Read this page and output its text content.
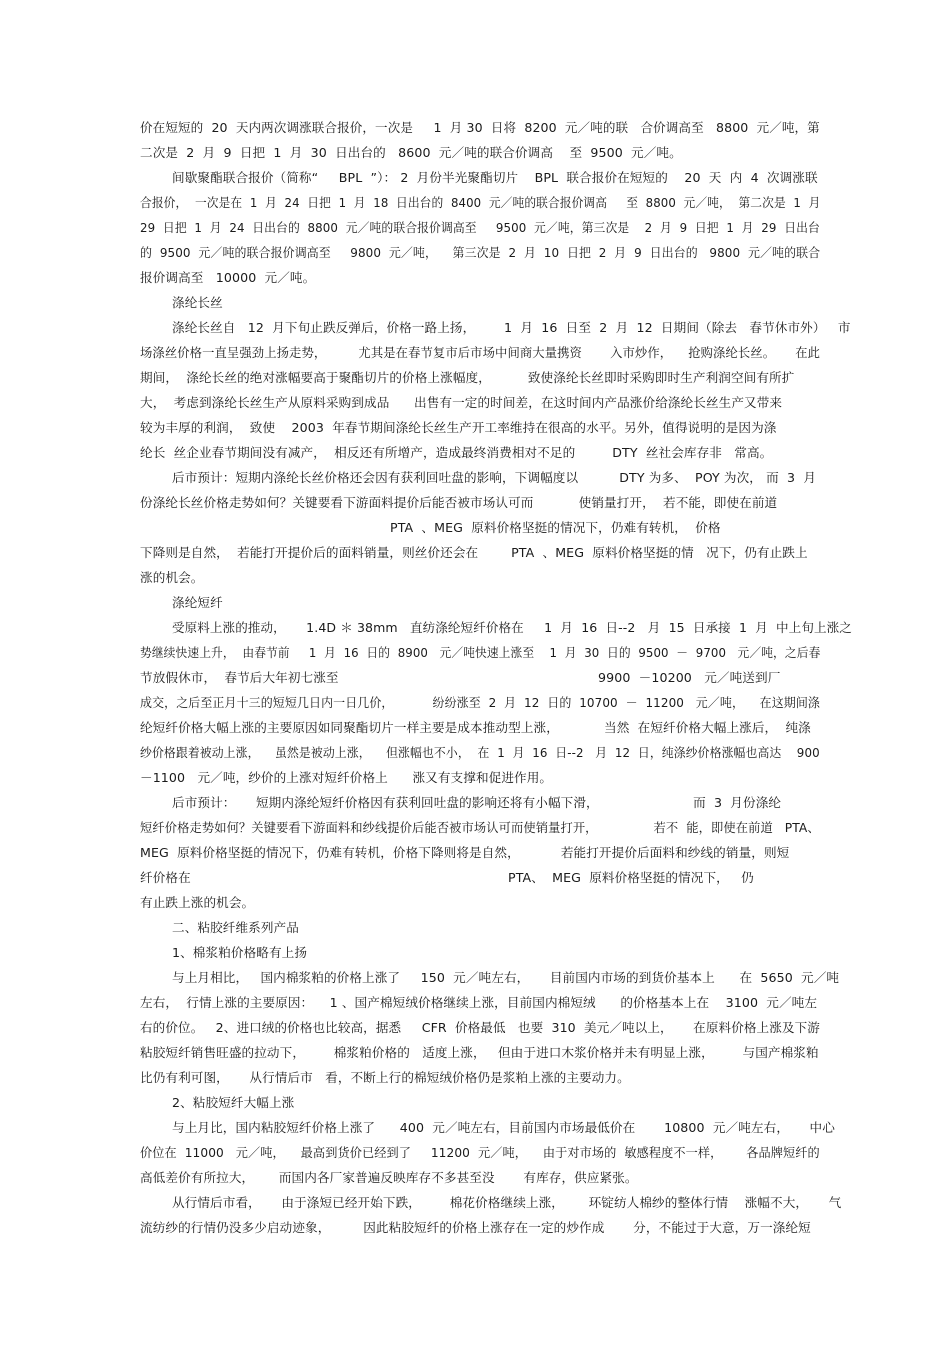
价在短短的  20  天内两次调涨联合报价，一次是     1  月 30  日将  8200  元／吨的联   合价调高至   8800  元／吨，第
二次是  2  月  9  日把  1  月  30  日出台的   8600  元／吨的联合价调高    至  9500  元／吨。
间歇聚酯联合报价（简称“     BPL  ”）： 2  月份半光聚酯切片    BPL  联合报价在短短的    20  天  内  4  次调涨联
合报价，  一次是在  1  月  24  日把  1  月  18  日出台的  8400  元／吨的联合报价调高     至  8800  元／吨，  第二次是  1  月
29  日把  1  月  24  日出台的  8800  元／吨的联合报价调高至     9500  元／吨，第三次是    2  月  9  日把  1  月  29  日出台
的  9500  元／吨的联合报价调高至     9800  元／吨，    第三次是  2  月  10  日把  2  月  9  日出台的   9800  元／吨的联合
报价调高至   10000  元／吨。
涤纶长丝
涤纶长丝自   12  月下旬止跌反弹后，价格一路上扬，       1  月  16  日至  2  月  12  日期间（除去   春节休市外）   市
场涤丝价格一直呈强劲上扬走势，        尤其是在春节复市后市场中间商大量携资       入市炒作，    抢购涤纶长丝。     在此
期间，  涤纶长丝的绝对涨幅要高于聚酯切片的价格上涨幅度，         致使涤纶长丝即时采购即时生产利润空间有所扩
大，  考虑到涤纶长丝生产从原料采购到成品      出售有一定的时间差，在这时间内产品涨价给涤纶长丝生产又带来
较为丰厚的利润，  致使    2003  年春节期间涤纶长丝生产开工率维持在很高的水平。另外，值得说明的是因为涤
纶长  丝企业春节期间没有减产，  相反还有所增产，造成最终消费相对不足的         DTY  丝社会库存非   常高。
后市预计：短期内涤纶长丝价格还会因有获利回吐盘的影响，下调幅度以          DTY 为多、  POY 为次， 而  3  月
份涤纶长丝价格走势如何？关键要看下游面料提价后能否被市场认可而           使销量打开，  若不能，即使在前道
PTA  、MEG  原料价格坚挺的情况下，仍难有转机，  价格
下降则是自然，  若能打开提价后的面料销量，则丝价还会在        PTA  、MEG  原料价格坚挺的情   况下，仍有止跌上
涨的机会。
涤纶短纤
受原料上涨的推动，     1.4D ＊ 38mm   直纺涤纶短纤价格在     1  月  16  日--2   月  15  日承接  1  月  中上旬上涨之
势继续快速上升，  由春节前     1  月  16  日的  8900   元／吨快速上涨至    1  月  30  日的  9500  －  9700   元／吨，之后春
节放假休市，  春节后大年初七涨至	9900  －10200   元／吨送到厂
成交，之后至正月十三的短短几日内一日几价，          纷纷涨至  2  月  12  日的  10700  －  11200   元／吨，    在这期间涤
纶短纤价格大幅上涨的主要原因如同聚酯切片一样主要是成本推动型上涨，           当然  在短纤价格大幅上涨后，  纯涤
纱价格跟着被动上涨，    虽然是被动上涨，    但涨幅也不小，  在  1  月  16  日--2   月  12  日，纯涤纱价格涨幅也高达    900
－1100   元／吨，纱价的上涨对短纤价格上      涨又有支撑和促进作用。
后市预计：     短期内涤纶短纤价格因有获利回吐盘的影响还将有小幅下滑，                       而  3  月份涤纶
短纤价格走势如何？关键要看下游面料和纱线提价后能否被市场认可而使销量打开，              若不  能，即使在前道   PTA、
MEG  原料价格坚挺的情况下，仍难有转机，价格下降则将是自然，          若能打开提价后面料和纱线的销量，则短
纤价格在	PTA、  MEG  原料价格坚挺的情况下，   仍
有止跌上涨的机会。
二、粘胶纤维系列产品
1、棉浆粕价格略有上扬
与上月相比，   国内棉浆粕的价格上涨了     150  元／吨左右，     目前国内市场的到货价基本上      在  5650  元／吨
左右，  行情上涨的主要原因：    1 、国产棉短绒价格继续上涨，目前国内棉短绒      的价格基本上在    3100  元／吨左
右的价位。   2、进口绒的价格也比较高，据悉     CFR  价格最低   也要  310  美元／吨以上，     在原料价格上涨及下游
粘胶短纤销售旺盛的拉动下，       棉浆粕价格的   适度上涨，   但由于进口木浆价格并未有明显上涨，       与国产棉浆粕
比仍有利可图，     从行情后市   看，不断上行的棉短绒价格仍是浆粕上涨的主要动力。
2、粘胶短纤大幅上涨
与上月比，国内粘胶短纤价格上涨了      400  元／吨左右，目前国内市场最低价在       10800  元／吨左右，     中心
价位在  11000   元／吨，    最高到货价已经到了     11200  元／吨，    由于对市场的  敏感程度不一样，      各品牌短纤的
高低差价有所拉大，      而国内各厂家普遍反映库存不多甚至没       有库存，供应紧张。
从行情后市看，     由于涤短已经开始下跌，       棉花价格继续上涨，      环锭纺人棉纱的整体行情    涨幅不大，     气
流纺纱的行情仍没多少启动迹象，        因此粘胶短纤的价格上涨存在一定的炒作成       分，不能过于大意，万一涤纶短
